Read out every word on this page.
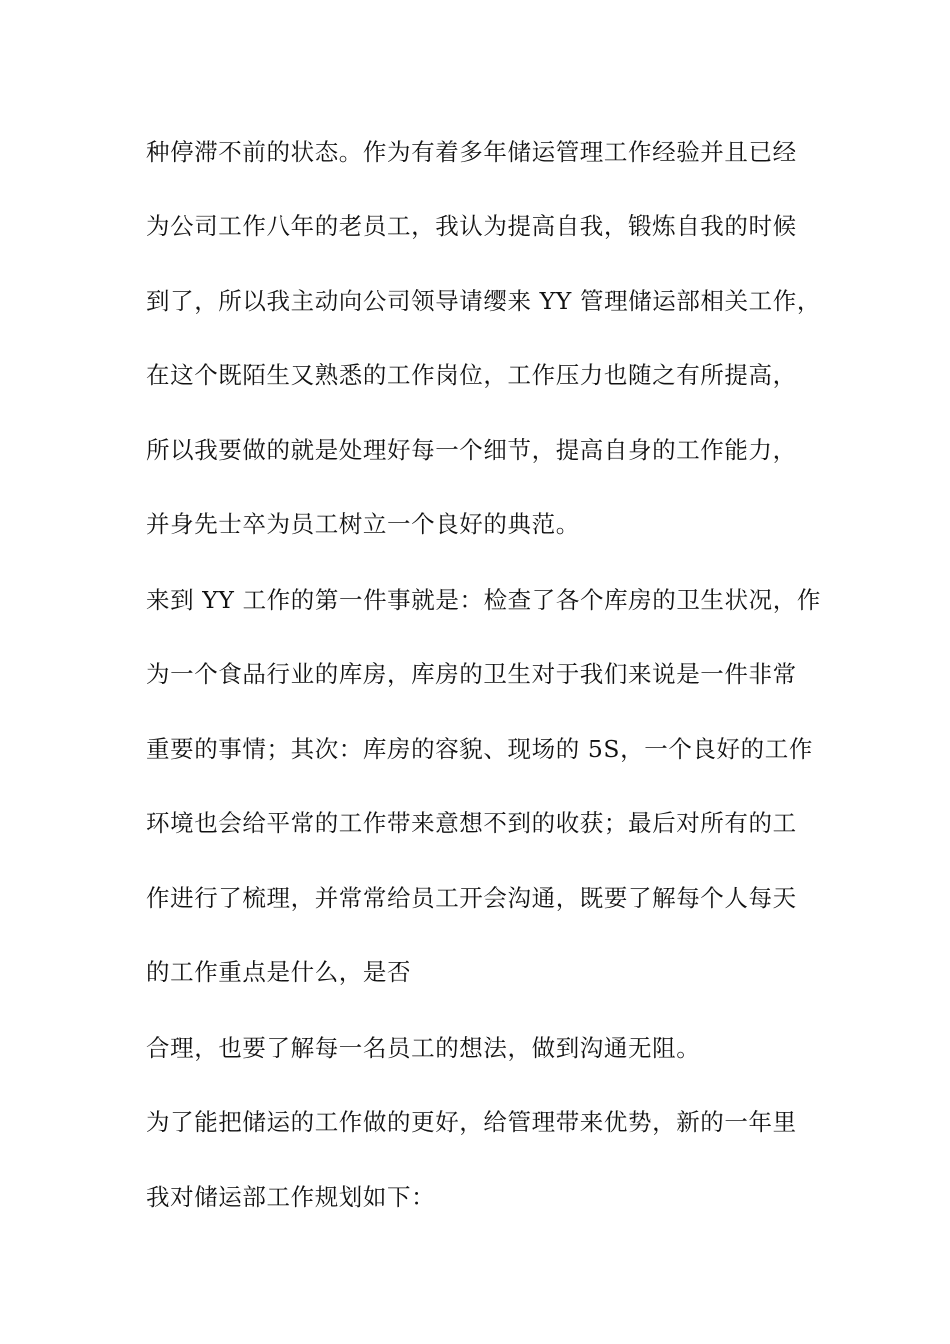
种停滞不前的状态。作为有着多年储运管理工作经验并且已经
为公司工作八年的老员工，我认为提高自我，锻炼自我的时候
到了，所以我主动向公司领导请缨来 YY 管理储运部相关工作，
在这个既陌生又熟悉的工作岗位，工作压力也随之有所提高，
所以我要做的就是处理好每一个细节，提高自身的工作能力，
并身先士卒为员工树立一个良好的典范。
来到 YY 工作的第一件事就是：检查了各个库房的卫生状况，作
为一个食品行业的库房，库房的卫生对于我们来说是一件非常
重要的事情；其次：库房的容貌、现场的 5S，一个良好的工作
环境也会给平常的工作带来意想不到的收获；最后对所有的工
作进行了梳理，并常常给员工开会沟通，既要了解每个人每天
的工作重点是什么，是否
合理，也要了解每一名员工的想法，做到沟通无阻。
为了能把储运的工作做的更好，给管理带来优势，新的一年里
我对储运部工作规划如下：
